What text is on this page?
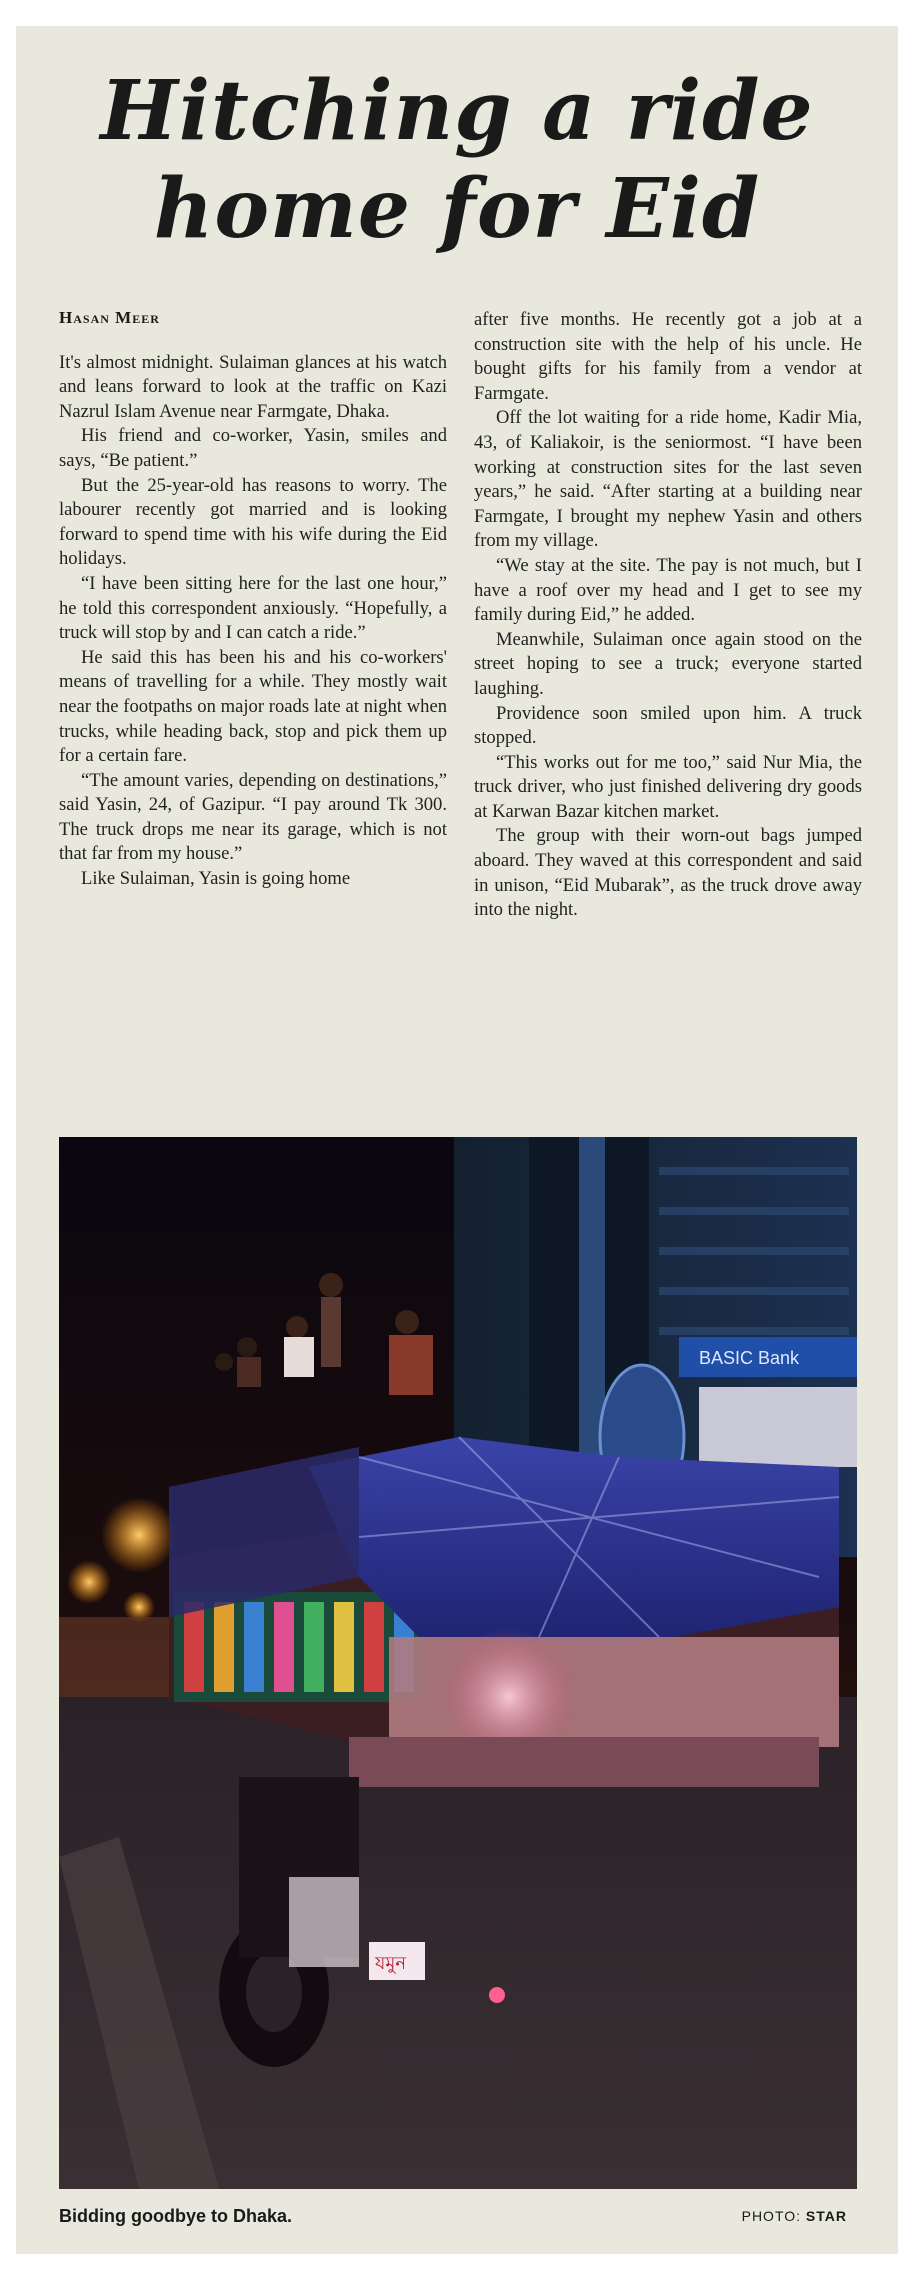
Hitching a ride
home for Eid
Hasan Meer

It's almost midnight. Sulaiman glances at his watch and leans forward to look at the traffic on Kazi Nazrul Islam Avenue near Farmgate, Dhaka.

His friend and co-worker, Yasin, smiles and says, “Be patient.”

But the 25-year-old has reasons to worry. The labourer recently got married and is looking forward to spend time with his wife during the Eid holidays.

“I have been sitting here for the last one hour,” he told this correspondent anxiously. “Hopefully, a truck will stop by and I can catch a ride.”

He said this has been his and his co-workers' means of travelling for a while. They mostly wait near the footpaths on major roads late at night when trucks, while heading back, stop and pick them up for a certain fare.

“The amount varies, depending on destinations,” said Yasin, 24, of Gazipur. “I pay around Tk 300. The truck drops me near its garage, which is not that far from my house.”

Like Sulaiman, Yasin is going home

after five months. He recently got a job at a construction site with the help of his uncle. He bought gifts for his family from a vendor at Farmgate.

Off the lot waiting for a ride home, Kadir Mia, 43, of Kaliakoir, is the seniormost. “I have been working at construction sites for the last seven years,” he said. “After starting at a building near Farmgate, I brought my nephew Yasin and others from my village.

“We stay at the site. The pay is not much, but I have a roof over my head and I get to see my family during Eid,” he added.

Meanwhile, Sulaiman once again stood on the street hoping to see a truck; everyone started laughing.

Providence soon smiled upon him. A truck stopped.

“This works out for me too,” said Nur Mia, the truck driver, who just finished delivering dry goods at Karwan Bazar kitchen market.

The group with their worn-out bags jumped aboard. They waved at this correspondent and said in unison, “Eid Mubarak”, as the truck drove away into the night.

BASIC Bank
যমুন
Bidding goodbye to Dhaka.	PHOTO: STAR
